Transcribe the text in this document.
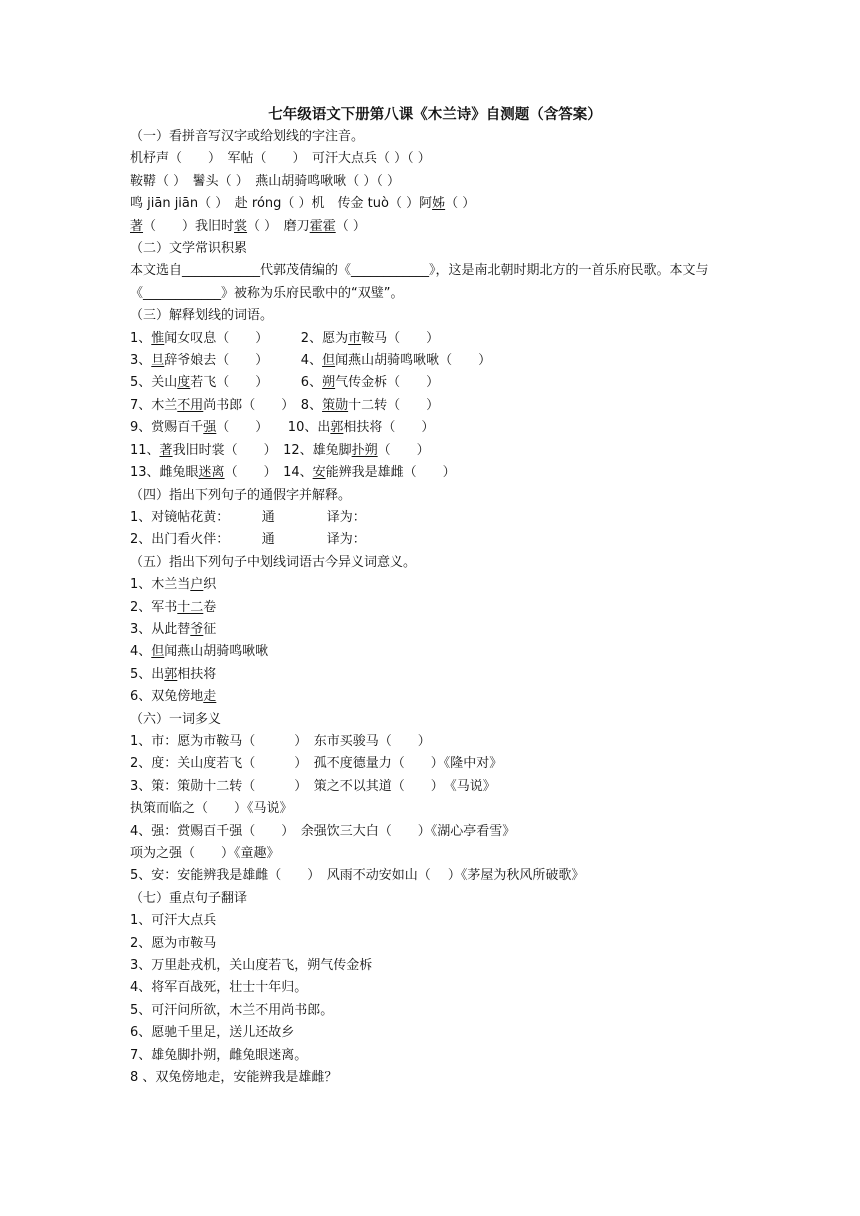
七年级语文下册第八课《木兰诗》自测题（含答案）
（一）看拼音写汉字或给划线的字注音。
机杼声（　　）　军帖（　　）　可汗大点兵（ ）（ ）
鞍鞯（ ）　鬐头（ ）　燕山胡骑鸣啾啾（ ）（ ）
鸣 jiān jiān（ ）　赴 róng（ ）机　传金 tuò（ ）阿姊（ ）
著（　　）我旧时裳（ ）　磨刀霍霍（ ）
（二）文学常识积累
本文选自____________代郭茂倩编的《____________》，这是南北朝时期北方的一首乐府民歌。本文与《____________》被称为乐府民歌中的“双璧”。
（三）解释划线的词语。
1、惟闻女叹息（　　）　　　2、愿为市鞍马（　　）
3、旦辞爷娘去（　　）　　　4、但闻燕山胡骑鸣啾啾（　　）
5、关山度若飞（　　）　　　6、朔气传金柝（　　）
7、木兰不用尚书郎（　　）　8、策勋十二转（　　）
9、赏赐百千强（　　）　　10、出郭相扶将（　　）
11、著我旧时裳（　　）　12、雄兔脚扑朔（　　）
13、雌兔眼迷离（　　）　14、安能辨我是雄雌（　　）
（四）指出下列句子的通假字并解释。
1、对镜帖花黄：　　　通　　　　译为：
2、出门看火伴：　　　通　　　　译为：
（五）指出下列句子中划线词语古今异义词意义。
1、木兰当户织
2、军书十二卷
3、从此替爷征
4、但闻燕山胡骑鸣啾啾
5、出郭相扶将
6、双兔傍地走
（六）一词多义
1、市：愿为市鞍马（　　　）　东市买骏马（　　）
2、度：关山度若飞（　　　）　孤不度德量力（　　）《隆中对》
3、策：策勋十二转（　　　）　策之不以其道（　　）　《马说》
执策而临之（　　）《马说》
4、强：赏赐百千强（　　）　余强饮三大白（　　）《湖心亭看雪》
项为之强（　　）《童趣》
5、安：安能辨我是雄雌（　　）　风雨不动安如山（　 ）《茅屋为秋风所破歌》
（七）重点句子翻译
1、可汗大点兵
2、愿为市鞍马
3、万里赴戎机，关山度若飞，朔气传金柝
4、将军百战死，壮士十年归。
5、可汗问所欲，木兰不用尚书郎。
6、愿驰千里足，送儿还故乡
7、雄兔脚扑朔，雌兔眼迷离。
8 、双兔傍地走，安能辨我是雄雌？
